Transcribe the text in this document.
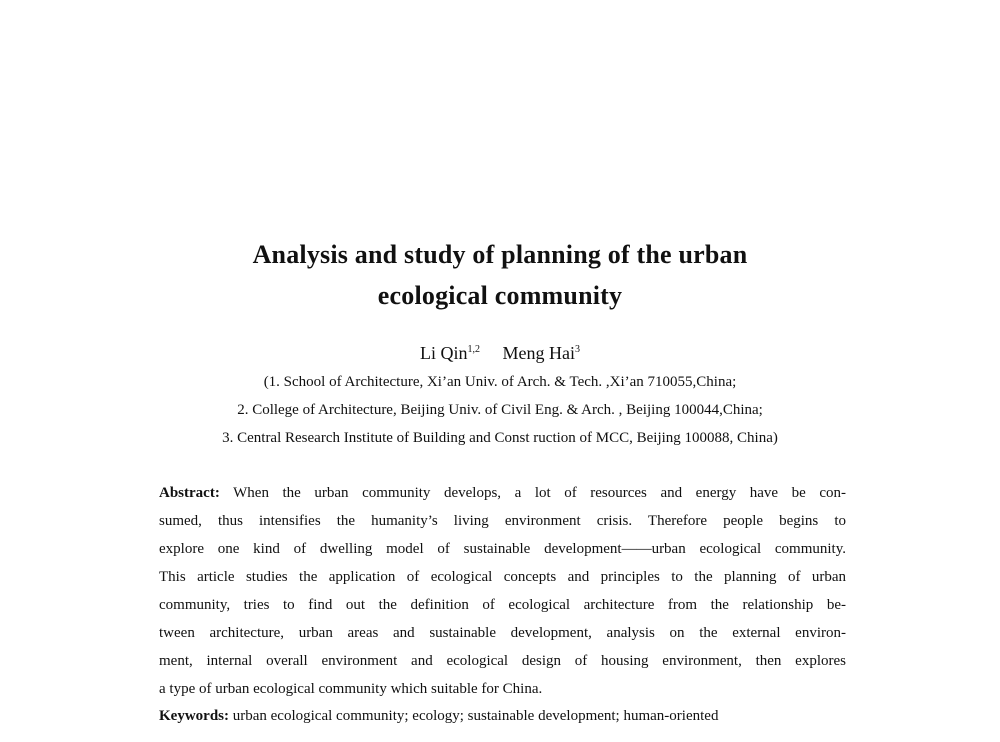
Analysis and study of planning of the urban
ecological community
Li Qin$^{1,2}$ Meng Hai$^3$
(1. School of Architecture, Xi’an Univ. of Arch. & Tech. ,Xi’an 710055,China;
2. College of Architecture, Beijing Univ. of Civil Eng. & Arch. , Beijing 100044,China;
3. Central Research Institute of Building and Const ruction of MCC, Beijing 100088, China)
Abstract: When the urban community develops, a lot of resources and energy have be con-
sumed, thus intensifies the humanity’s living environment crisis. Therefore people begins to
explore one kind of dwelling model of sustainable development——urban ecological community.
This article studies the application of ecological concepts and principles to the planning of urban
community, tries to find out the definition of ecological architecture from the relationship be-
tween architecture, urban areas and sustainable development, analysis on the external environ-
ment, internal overall environment and ecological design of housing environment, then explores
a type of urban ecological community which suitable for China.
Keywords: urban ecological community; ecology; sustainable development; human-oriented
